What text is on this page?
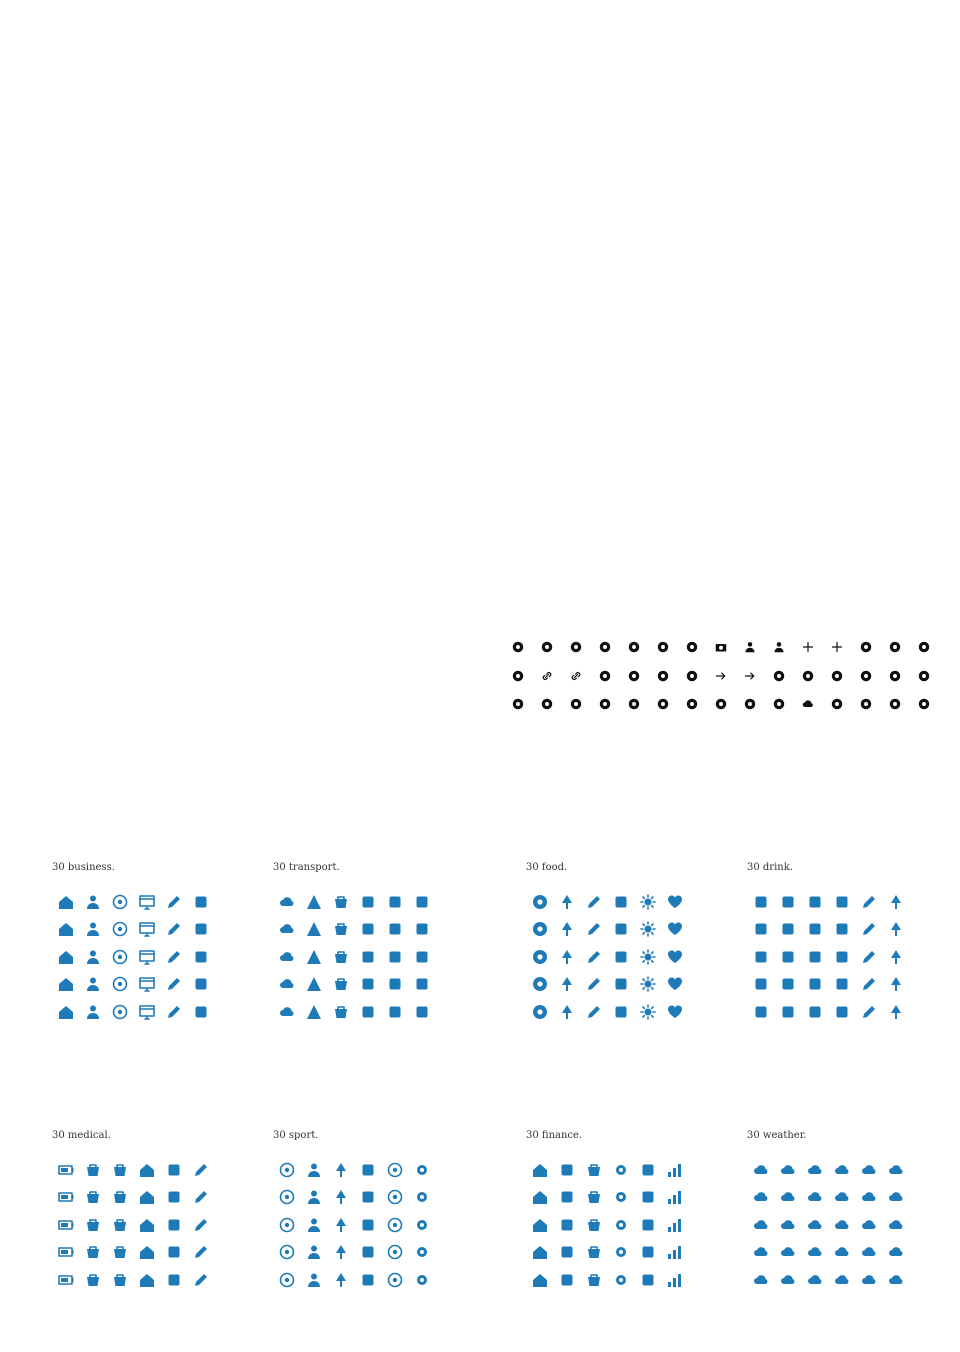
30 business.	30 transport.	30 food.	30 drink.
30 medical.	30 sport.	30 finance.	30 weather.
